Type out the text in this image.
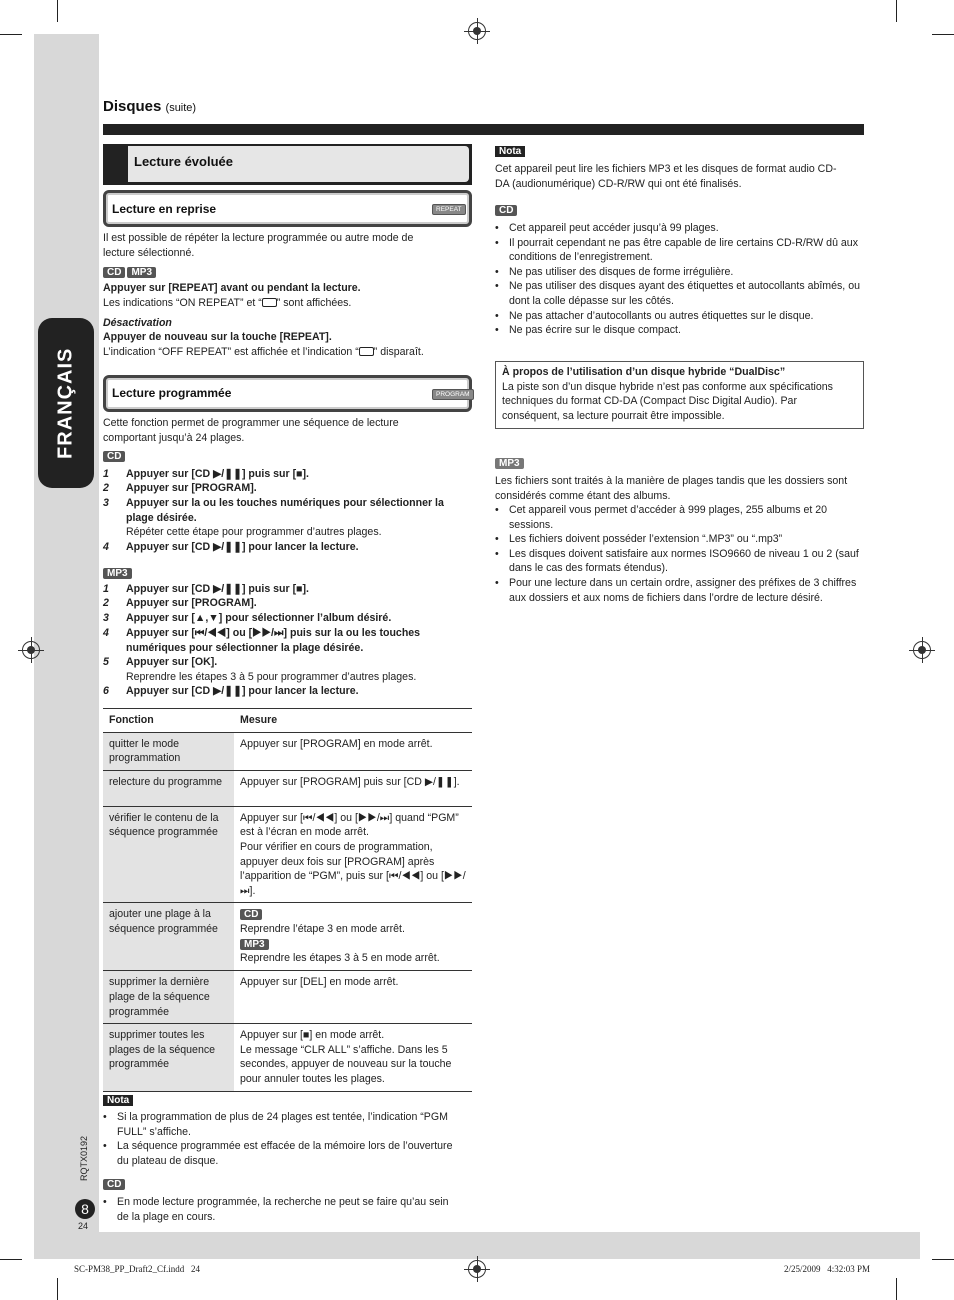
FRANÇAIS
Disques (suite)
Lecture évoluée
Lecture en reprise	REPEAT
Il est possible de répéter la lecture programmée ou autre mode de lecture sélectionné.
CD MP3
Appuyer sur [REPEAT] avant ou pendant la lecture.
Les indications “ON REPEAT” et “ ” sont affichées.
Désactivation
Appuyer de nouveau sur la touche [REPEAT].
L’indication “OFF REPEAT” est affichée et l’indication “ ” disparaît.
Lecture programmée	PROGRAM
Cette fonction permet de programmer une séquence de lecture comportant jusqu’à 24 plages.
CD
1 Appuyer sur [CD ▶/❚❚] puis sur [■].
2 Appuyer sur [PROGRAM].
3 Appuyer sur la ou les touches numériques pour sélectionner la plage désirée.
Répéter cette étape pour programmer d’autres plages.
4 Appuyer sur [CD ▶/❚❚] pour lancer la lecture.
MP3
1 Appuyer sur [CD ▶/❚❚] puis sur [■].
2 Appuyer sur [PROGRAM].
3 Appuyer sur [▲,▼] pour sélectionner l’album désiré.
4 Appuyer sur [⏮/◀◀] ou [▶▶/⏭] puis sur la ou les touches numériques pour sélectionner la plage désirée.
5 Appuyer sur [OK].
Reprendre les étapes 3 à 5 pour programmer d’autres plages.
6 Appuyer sur [CD ▶/❚❚] pour lancer la lecture.
Fonction	Mesure
quitter le mode programmation	Appuyer sur [PROGRAM] en mode arrêt.
relecture du programme	Appuyer sur [PROGRAM] puis sur [CD ▶/❚❚].
vérifier le contenu de la séquence programmée	Appuyer sur [⏮/◀◀] ou [▶▶/⏭] quand “PGM” est à l’écran en mode arrêt.
Pour vérifier en cours de programmation, appuyer deux fois sur [PROGRAM] après l’apparition de “PGM”, puis sur [⏮/◀◀] ou [▶▶/⏭].
ajouter une plage à la séquence programmée	CD
Reprendre l’étape 3 en mode arrêt.
MP3
Reprendre les étapes 3 à 5 en mode arrêt.
supprimer la dernière plage de la séquence programmée	Appuyer sur [DEL] en mode arrêt.
supprimer toutes les plages de la séquence programmée	Appuyer sur [■] en mode arrêt.
Le message “CLR ALL” s’affiche. Dans les 5 secondes, appuyer de nouveau sur la touche pour annuler toutes les plages.
Nota
• Si la programmation de plus de 24 plages est tentée, l’indication “PGM FULL” s’affiche.
• La séquence programmée est effacée de la mémoire lors de l’ouverture du plateau de disque.
CD
• En mode lecture programmée, la recherche ne peut se faire qu’au sein de la plage en cours.
Nota
Cet appareil peut lire les fichiers MP3 et les disques de format audio CD-DA (audionumérique) CD-R/RW qui ont été finalisés.
CD
• Cet appareil peut accéder jusqu’à 99 plages.
• Il pourrait cependant ne pas être capable de lire certains CD-R/RW dû aux conditions de l’enregistrement.
• Ne pas utiliser des disques de forme irrégulière.
• Ne pas utiliser des disques ayant des étiquettes et autocollants abîmés, ou dont la colle dépasse sur les côtés.
• Ne pas attacher d’autocollants ou autres étiquettes sur le disque.
• Ne pas écrire sur le disque compact.
À propos de l’utilisation d’un disque hybride “DualDisc”
La piste son d’un disque hybride n’est pas conforme aux spécifications techniques du format CD-DA (Compact Disc Digital Audio). Par conséquent, sa lecture pourrait être impossible.
MP3
Les fichiers sont traités à la manière de plages tandis que les dossiers sont considérés comme étant des albums.
• Cet appareil vous permet d’accéder à 999 plages, 255 albums et 20 sessions.
• Les fichiers doivent posséder l’extension “.MP3” ou “.mp3”
• Les disques doivent satisfaire aux normes ISO9660 de niveau 1 ou 2 (sauf dans le cas des formats étendus).
• Pour une lecture dans un certain ordre, assigner des préfixes de 3 chiffres aux dossiers et aux noms de fichiers dans l’ordre de lecture désiré.
RQTX0192
8
24
SC-PM38_PP_Draft2_Cf.indd   24	2/25/2009   4:32:03 PM
